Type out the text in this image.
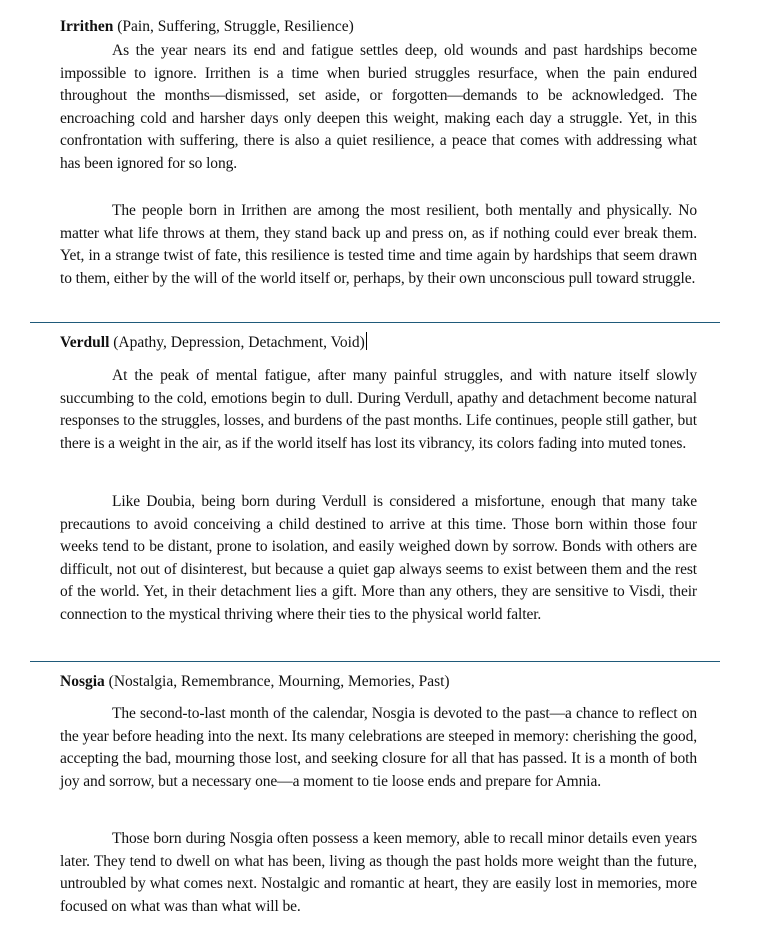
Irrithen (Pain, Suffering, Struggle, Resilience)

As the year nears its end and fatigue settles deep, old wounds and past hardships become impossible to ignore. Irrithen is a time when buried struggles resurface, when the pain endured throughout the months—dismissed, set aside, or forgotten—demands to be acknowledged. The encroaching cold and harsher days only deepen this weight, making each day a struggle. Yet, in this confrontation with suffering, there is also a quiet resilience, a peace that comes with addressing what has been ignored for so long.

The people born in Irrithen are among the most resilient, both mentally and physically. No matter what life throws at them, they stand back up and press on, as if nothing could ever break them. Yet, in a strange twist of fate, this resilience is tested time and time again by hardships that seem drawn to them, either by the will of the world itself or, perhaps, by their own unconscious pull toward struggle.

Verdull (Apathy, Depression, Detachment, Void)

At the peak of mental fatigue, after many painful struggles, and with nature itself slowly succumbing to the cold, emotions begin to dull. During Verdull, apathy and detachment become natural responses to the struggles, losses, and burdens of the past months. Life continues, people still gather, but there is a weight in the air, as if the world itself has lost its vibrancy, its colors fading into muted tones.

Like Doubia, being born during Verdull is considered a misfortune, enough that many take precautions to avoid conceiving a child destined to arrive at this time. Those born within those four weeks tend to be distant, prone to isolation, and easily weighed down by sorrow. Bonds with others are difficult, not out of disinterest, but because a quiet gap always seems to exist between them and the rest of the world. Yet, in their detachment lies a gift. More than any others, they are sensitive to Visdi, their connection to the mystical thriving where their ties to the physical world falter.

Nosgia (Nostalgia, Remembrance, Mourning, Memories, Past)

The second-to-last month of the calendar, Nosgia is devoted to the past—a chance to reflect on the year before heading into the next. Its many celebrations are steeped in memory: cherishing the good, accepting the bad, mourning those lost, and seeking closure for all that has passed. It is a month of both joy and sorrow, but a necessary one—a moment to tie loose ends and prepare for Amnia.

Those born during Nosgia often possess a keen memory, able to recall minor details even years later. They tend to dwell on what has been, living as though the past holds more weight than the future, untroubled by what comes next. Nostalgic and romantic at heart, they are easily lost in memories, more focused on what was than what will be.
